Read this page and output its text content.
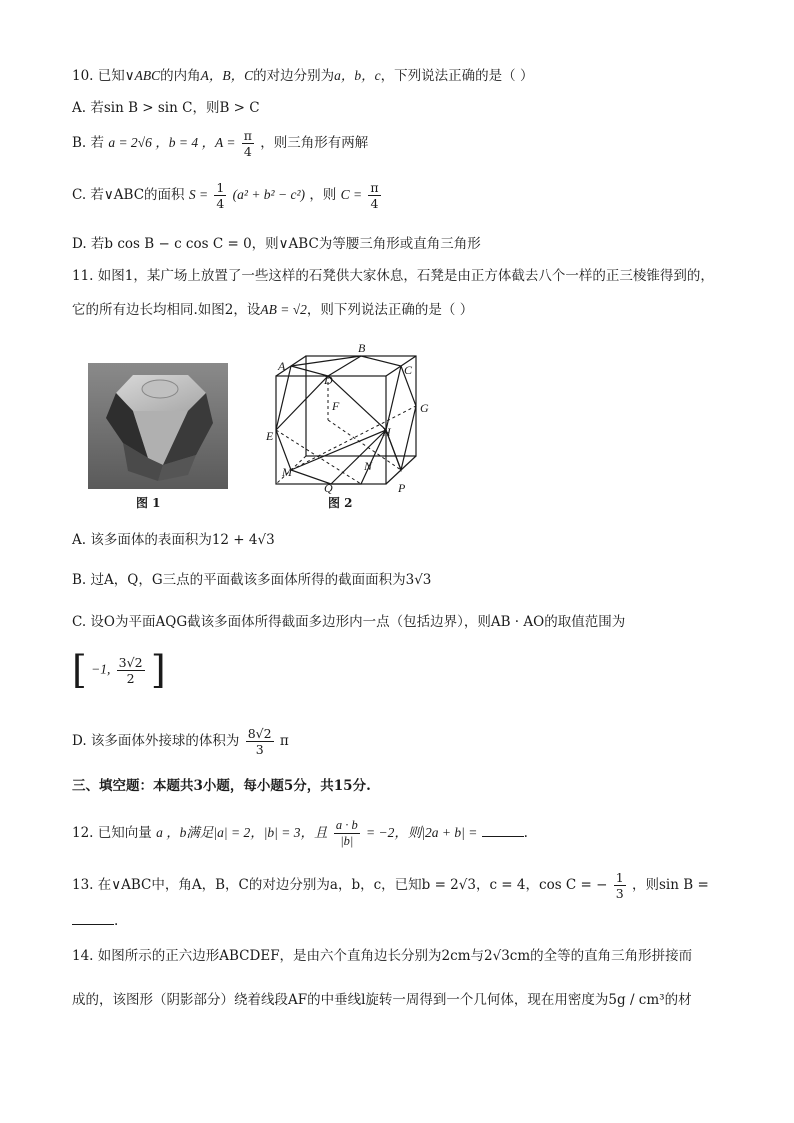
10. 已知∨ABC的内角A，B，C的对边分别为a，b，c，下列说法正确的是（ ）
A. 若sin B > sin C，则B > C
B. 若 a = 2√6 ，b = 4 ，$A = \frac{\pi}{4}$ ，则三角形有两解
C. 若∨ABC的面积 $S = \frac{1}{4} (a^2 + b^2 - c^2)$ ，则 $C = \frac{\pi}{4}$
D. 若b cos B − c cos C = 0，则∨ABC为等腰三角形或直角三角形
11. 如图1，某广场上放置了一些这样的石凳供大家休息，石凳是由正方体截去八个一样的正三棱锥得到的，
它的所有边长均相同.如图2，设AB = √2，则下列说法正确的是（ ）
图 1
A
B
C
D
F	G
E	H
M	N
Q	P
图 2
A. 该多面体的表面积为12 + 4√3
B. 过A，Q，G三点的平面截该多面体所得的截面面积为3√3
C. 设O为平面AQG截该多面体所得截面多边形内一点（包括边界），则AB · AO的取值范围为
[ −1, $\frac{3√2}{2}$ ]
D. 该多面体外接球的体积为 $\frac{8√2}{3}$ π
三、填空题：本题共3小题，每小题5分，共15分.
12. 已知向量 a ，b满足|a| = 2，|b| = 3，且 $\frac{a \cdot b}{|b|} = -2$，则|2a + b| =	.
13. 在∨ABC中，角A，B，C的对边分别为a，b，c，已知b = 2√3，c = 4，cos C = − $\frac{1}{3}$ ，则sin B =
.
14. 如图所示的正六边形ABCDEF，是由六个直角边长分别为2cm与2√3cm的全等的直角三角形拼接而
成的，该图形（阴影部分）绕着线段AF的中垂线l旋转一周得到一个几何体，现在用密度为5g / cm³的材
